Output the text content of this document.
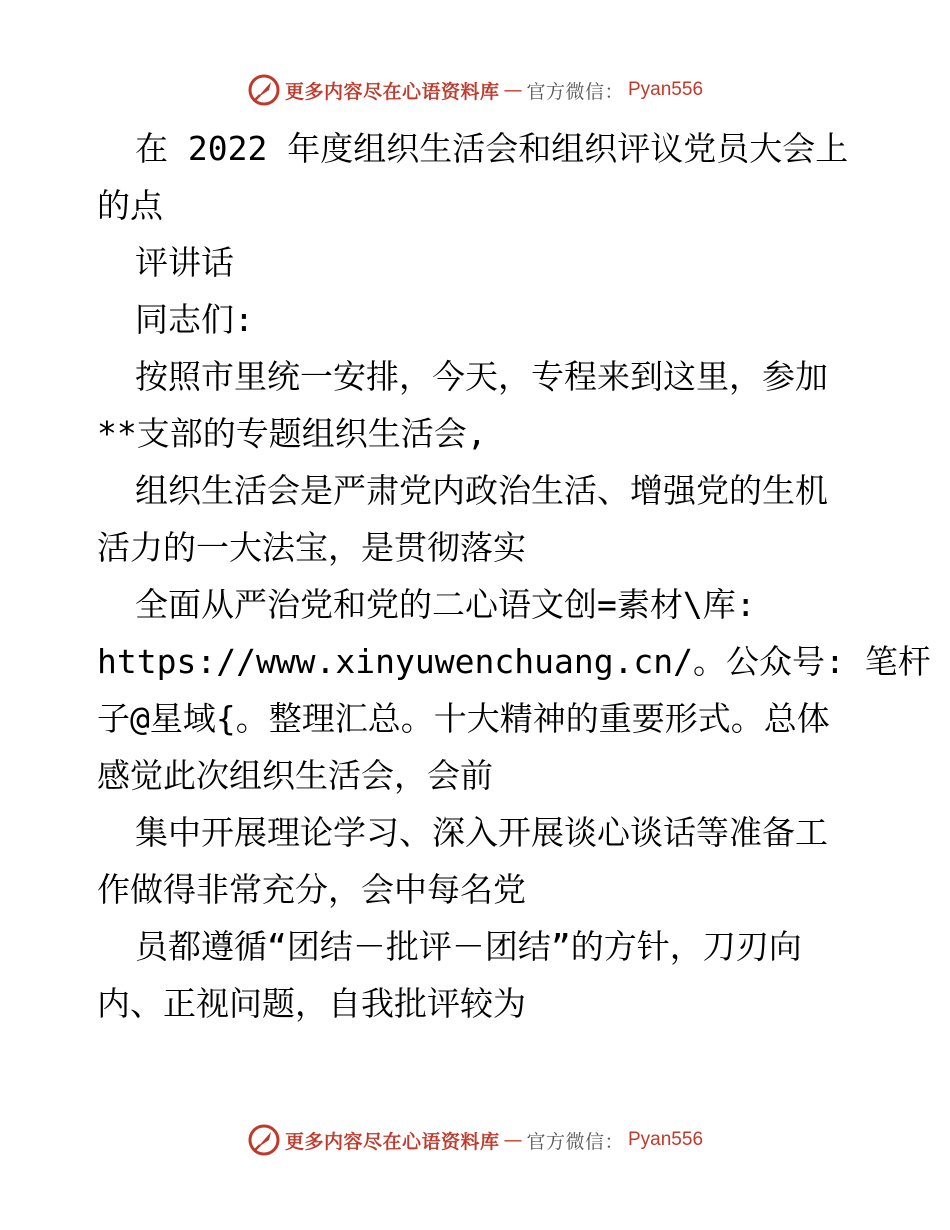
更多内容尽在心语资料库 — 官方微信： Pyan556
在 2022 年度组织生活会和组织评议党员大会上
的点
评讲话
同志们:
按照市里统一安排，今天，专程来到这里，参加
**支部的专题组织生活会,
组织生活会是严肃党内政治生活、增强党的生机
活力的一大法宝，是贯彻落实
全面从严治党和党的二心语文创=素材\库:
https://www.xinyuwenchuang.cn/。公众号: 笔杆
子@星域{。整理汇总。十大精神的重要形式。总体
感觉此次组织生活会，会前
集中开展理论学习、深入开展谈心谈话等准备工
作做得非常充分，会中每名党
员都遵循“团结－批评－团结”的方针，刀刃向
内、正视问题，自我批评较为
更多内容尽在心语资料库 — 官方微信： Pyan556
